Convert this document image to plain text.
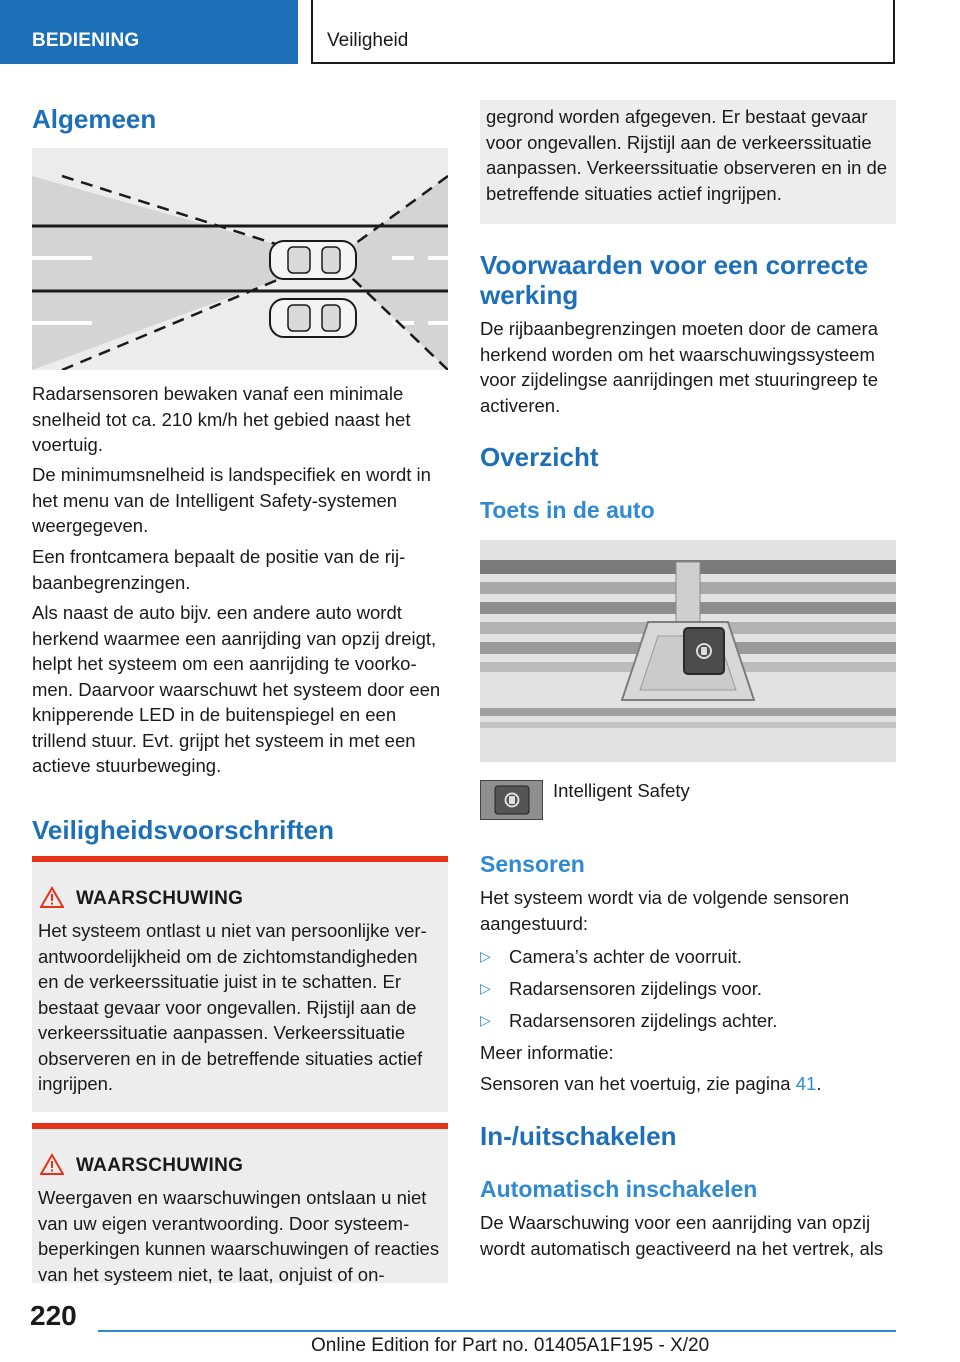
BEDIENING	Veiligheid
Algemeen
Radarsensoren bewaken vanaf een minimale snelheid tot ca. 210 km/h het gebied naast het voertuig.
De minimumsnelheid is landspecifiek en wordt in het menu van de Intelligent Safety-systemen weergegeven.
Een frontcamera bepaalt de positie van de rijbaanbegrenzingen.
Als naast de auto bijv. een andere auto wordt herkend waarmee een aanrijding van opzij dreigt, helpt het systeem om een aanrijding te voorkomen. Daarvoor waarschuwt het systeem door een knipperende LED in de buitenspiegel en een trillend stuur. Evt. grijpt het systeem in met een actieve stuurbeweging.
Veiligheidsvoorschriften
WAARSCHUWING
Het systeem ontlast u niet van persoonlijke verantwoordelijkheid om de zichtomstandigheden en de verkeerssituatie juist in te schatten. Er bestaat gevaar voor ongevallen. Rijstijl aan de verkeerssituatie aanpassen. Verkeerssituatie observeren en in de betreffende situaties actief ingrijpen.
WAARSCHUWING
Weergaven en waarschuwingen ontslaan u niet van uw eigen verantwoording. Door systeembeperkingen kunnen waarschuwingen of reacties van het systeem niet, te laat, onjuist of on-
gegrond worden afgegeven. Er bestaat gevaar voor ongevallen. Rijstijl aan de verkeerssituatie aanpassen. Verkeerssituatie observeren en in de betreffende situaties actief ingrijpen.
Voorwaarden voor een correcte werking
De rijbaanbegrenzingen moeten door de camera herkend worden om het waarschuwingssysteem voor zijdelingse aanrijdingen met stuuringreep te activeren.
Overzicht
Toets in de auto
Intelligent Safety
Sensoren
Het systeem wordt via de volgende sensoren aangestuurd:
▷ Camera’s achter de voorruit.
▷ Radarsensoren zijdelings voor.
▷ Radarsensoren zijdelings achter.
Meer informatie:
Sensoren van het voertuig, zie pagina 41.
In-/uitschakelen
Automatisch inschakelen
De Waarschuwing voor een aanrijding van opzij wordt automatisch geactiveerd na het vertrek, als
220
Online Edition for Part no. 01405A1F195 - X/20
